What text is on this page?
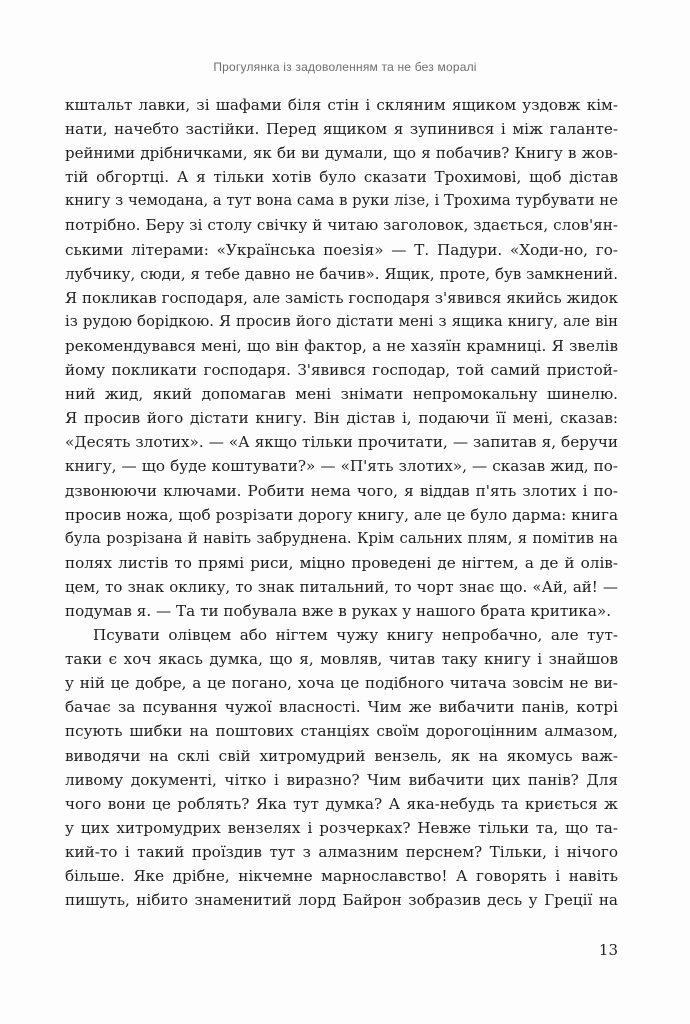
Прогулянка із задоволенням та не без моралі
кштальт лавки, зі шафами біля стін і скляним ящиком уздовж кім-
нати, начебто застійки. Перед ящиком я зупинився і між галанте-
рейними дрібничками, як би ви думали, що я побачив? Книгу в жов-
тій обгортці. А я тільки хотів було сказати Трохимові, щоб дістав
книгу з чемодана, а тут вона сама в руки лізе, і Трохима турбувати не
потрібно. Беру зі столу свічку й читаю заголовок, здається, слов'ян-
ськими літерами: «Українська поезія» — Т. Падури. «Ходи-но, го-
лубчику, сюди, я тебе давно не бачив». Ящик, проте, був замкнений.
Я покликав господаря, але замість господаря з'явився якийсь жидок
із рудою борідкою. Я просив його дістати мені з ящика книгу, але він
рекомендувався мені, що він фактор, а не хазяїн крамниці. Я звелів
йому покликати господаря. З'явився господар, той самий пристой-
ний жид, який допомагав мені знімати непромокальну шинелю.
Я просив його дістати книгу. Він дістав і, подаючи її мені, сказав:
«Десять злотих». — «А якщо тільки прочитати, — запитав я, беручи
книгу, — що буде коштувати?» — «П'ять злотих», — сказав жид, по-
дзвонюючи ключами. Робити нема чого, я віддав п'ять злотих і по-
просив ножа, щоб розрізати дорогу книгу, але це було дарма: книга
була розрізана й навіть забруднена. Крім сальних плям, я помітив на
полях листів то прямі риси, міцно проведені де нігтем, а де й олів-
цем, то знак оклику, то знак питальний, то чорт знає що. «Ай, ай! —
подумав я. — Та ти побувала вже в руках у нашого брата критика».
Псувати олівцем або нігтем чужу книгу непробачно, але тут-
таки є хоч якась думка, що я, мовляв, читав таку книгу і знайшов
у ній це добре, а це погано, хоча це подібного читача зовсім не ви-
бачає за псування чужої власності. Чим же вибачити панів, котрі
псують шибки на поштових станціях своїм дорогоцінним алмазом,
виводячи на склі свій хитромудрий вензель, як на якомусь важ-
ливому документі, чітко і виразно? Чим вибачити цих панів? Для
чого вони це роблять? Яка тут думка? А яка-небудь та криється ж
у цих хитромудрих вензелях і розчерках? Невже тільки та, що та-
кий-то і такий проїздив тут з алмазним перснем? Тільки, і нічого
більше. Яке дрібне, нікчемне марнославство! А говорять і навіть
пишуть, нібито знаменитий лорд Байрон зобразив десь у Греції на
13
